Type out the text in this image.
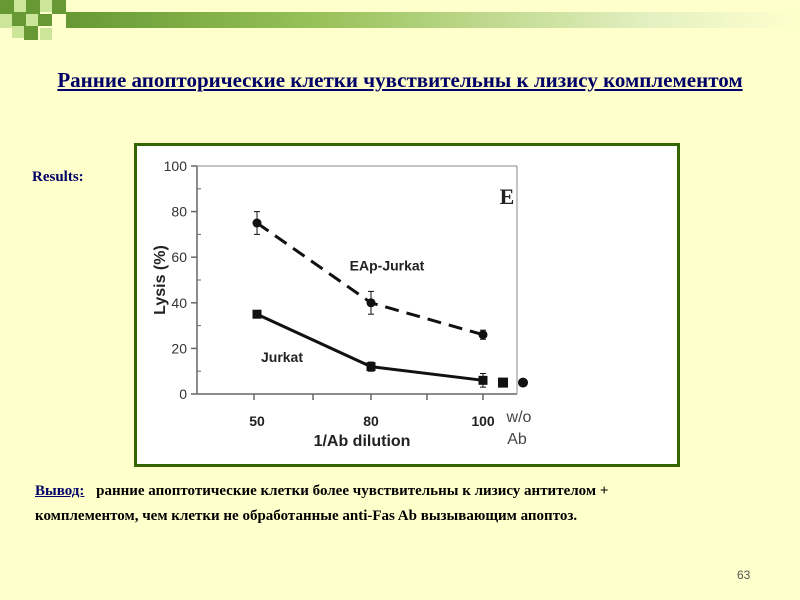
Ранние апопторические клетки чувствительны к лизису комплементом
Results:
0
20
40
60
80
100
50	80	100 w/o
Ab
1/Ab dilution
Lysis (%)
E
EAp-Jurkat
Jurkat
Вывод: ранние апоптотические клетки более чувствительны к лизису антителом + комплементом, чем клетки не обработанные anti-Fas Ab вызывающим апоптоз.
63
